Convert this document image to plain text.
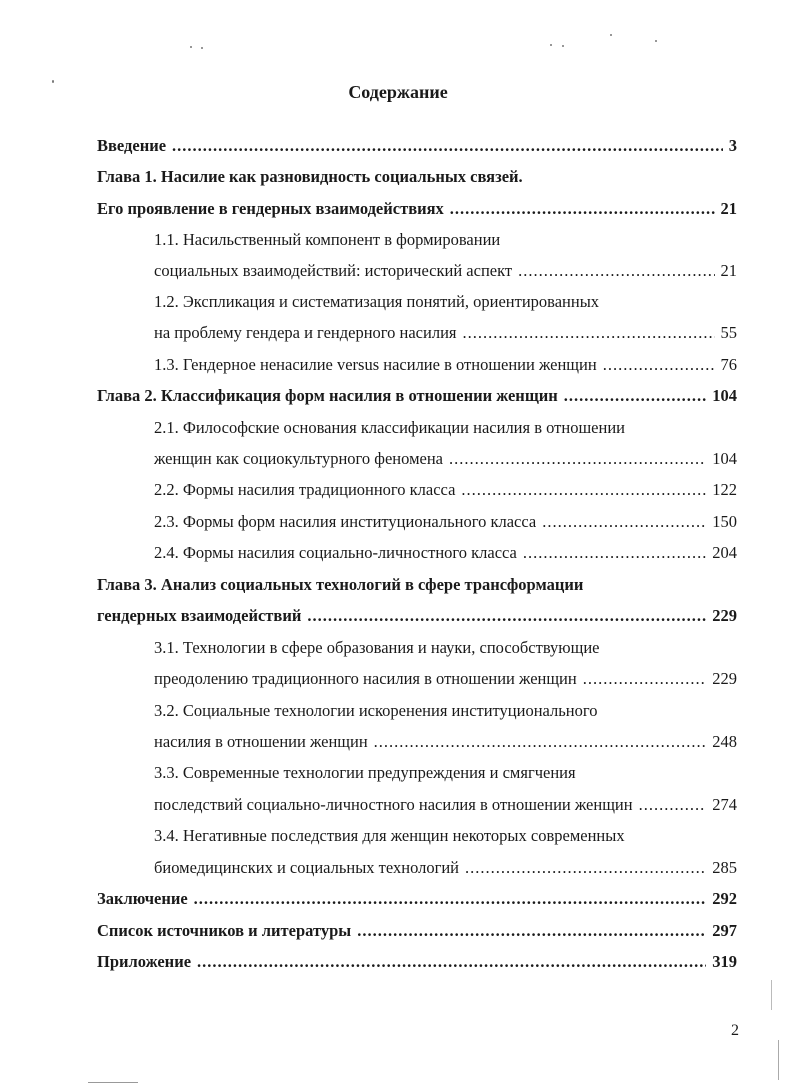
Содержание
Введение .....	3
Глава 1. Насилие как разновидность социальных связей.
Его проявление в гендерных взаимодействиях .....	21
1.1. Насильственный компонент в формировании
социальных взаимодействий: исторический аспект .....	21
1.2. Экспликация и систематизация понятий, ориентированных
на проблему гендера и гендерного насилия .....	55
1.3. Гендерное ненасилие versus насилие в отношении женщин .....	76
Глава 2. Классификация форм насилия в отношении женщин .....	104
2.1. Философские основания классификации насилия в отношении
женщин как социокультурного феномена .....	104
2.2. Формы насилия традиционного класса .....	122
2.3. Формы форм насилия институционального класса .....	150
2.4. Формы насилия социально-личностного класса .....	204
Глава 3. Анализ социальных технологий в сфере трансформации
гендерных взаимодействий .....	229
3.1. Технологии в сфере образования и науки, способствующие
преодолению традиционного насилия в отношении женщин .....	229
3.2. Социальные технологии искоренения институционального
насилия в отношении женщин .....	248
3.3. Современные технологии предупреждения и смягчения
последствий социально-личностного насилия в отношении женщин .....	274
3.4. Негативные последствия для женщин некоторых современных
биомедицинских и социальных технологий .....	285
Заключение .....	292
Список источников и литературы .....	297
Приложение .....	319
2
